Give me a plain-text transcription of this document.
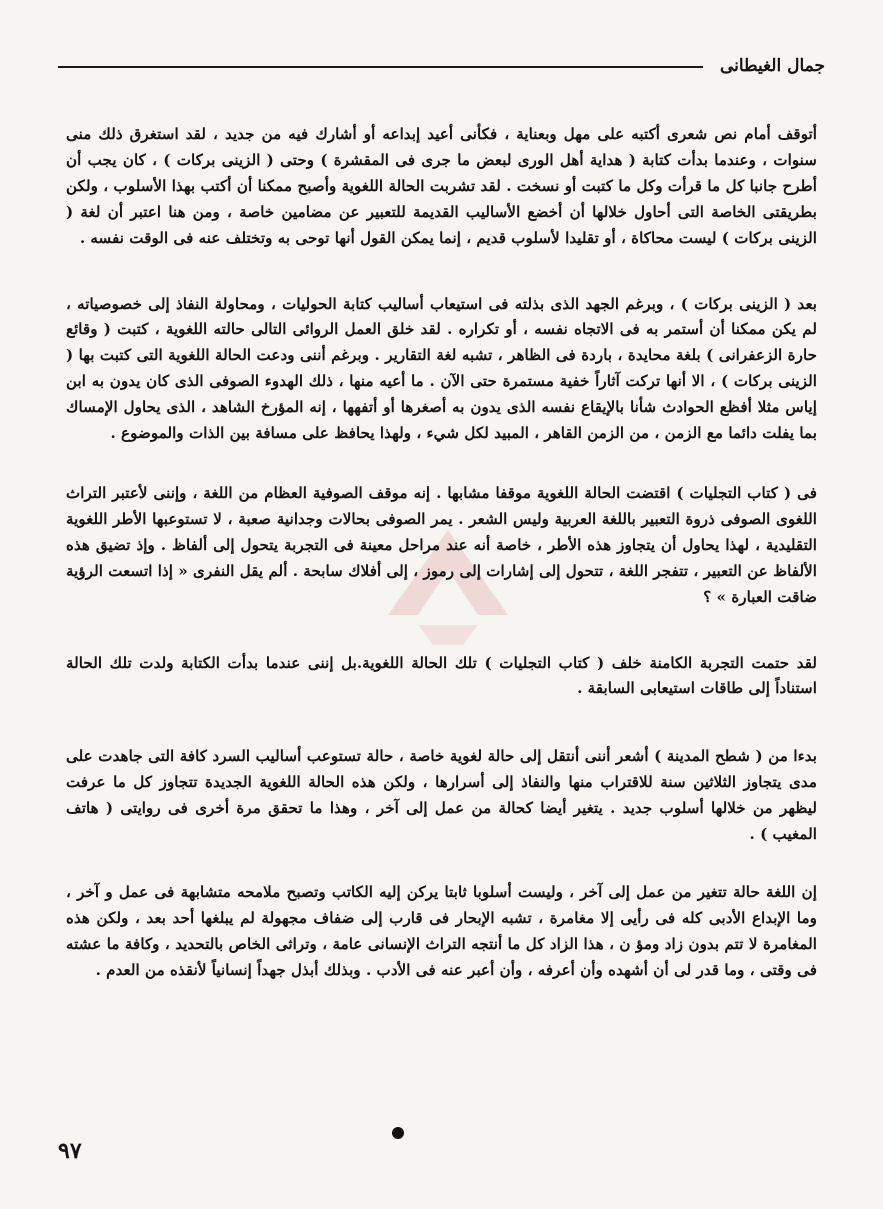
جمال الغيطانى

أتوقف أمام نص شعرى أكتبه على مهل وبعناية ، فكأنى أعيد إبداعه أو أشارك فيه من جديد ، لقد استغرق ذلك منى سنوات ، وعندما بدأت كتابة ( هداية أهل الورى لبعض ما جرى فى المقشرة ) وحتى ( الزينى بركات ) ، كان يجب أن أطرح جانبا كل ما قرأت وكل ما كتبت أو نسخت . لقد تشربت الحالة اللغوية وأصبح ممكنا أن أكتب بهذا الأسلوب ، ولكن بطريقتى الخاصة التى أحاول خلالها أن أخضع الأساليب القديمة للتعبير عن مضامين خاصة ، ومن هنا اعتبر أن لغة ( الزينى بركات ) ليست محاكاة ، أو تقليدا لأسلوب قديم ، إنما يمكن القول أنها توحى به وتختلف عنه فى الوقت نفسه .

بعد ( الزينى بركات ) ، وبرغم الجهد الذى بذلته فى استيعاب أساليب كتابة الحوليات ، ومحاولة النفاذ إلى خصوصياته ، لم يكن ممكنا أن أستمر به فى الاتجاه نفسه ، أو تكراره . لقد خلق العمل الروائى التالى حالته اللغوية ، كتبت ( وقائع حارة الزعفرانى ) بلغة محايدة ، باردة فى الظاهر ، تشبه لغة التقارير . وبرغم أننى ودعت الحالة اللغوية التى كتبت بها ( الزينى بركات ) ، الا أنها تركت آثاراً خفية مستمرة حتى الآن . ما أعيه منها ، ذلك الهدوء الصوفى الذى كان يدون به ابن إياس مثلا أفظع الحوادث شأنا بالإيقاع نفسه الذى يدون به أصغرها أو أتفهها ، إنه المؤرخ الشاهد ، الذى يحاول الإمساك بما يفلت دائما مع الزمن ، من الزمن القاهر ، المبيد لكل شيء ، ولهذا يحافظ على مسافة بين الذات والموضوع .

فى ( كتاب التجليات ) اقتضت الحالة اللغوية موقفا مشابها . إنه موقف الصوفية العظام من اللغة ، وإننى لأعتبر التراث اللغوى الصوفى ذروة التعبير باللغة العربية وليس الشعر . يمر الصوفى بحالات وجدانية صعبة ، لا تستوعبها الأطر اللغوية التقليدية ، لهذا يحاول أن يتجاوز هذه الأطر ، خاصة أنه عند مراحل معينة فى التجربة يتحول إلى ألفاظ . وإذ تضيق هذه الألفاظ عن التعبير ، تتفجر اللغة ، تتحول إلى إشارات إلى رموز ، إلى أفلاك سابحة . ألم يقل النفرى « إذا اتسعت الرؤية ضاقت العبارة » ؟

لقد حتمت التجربة الكامنة خلف ( كتاب التجليات ) تلك الحالة اللغوية.بل إننى عندما بدأت الكتابة ولدت تلك الحالة استناداً إلى طاقات استيعابى السابقة .

بدءا من ( شطح المدينة ) أشعر أننى أنتقل إلى حالة لغوية خاصة ، حالة تستوعب أساليب السرد كافة التى جاهدت على مدى يتجاوز الثلاثين سنة للاقتراب منها والنفاذ إلى أسرارها ، ولكن هذه الحالة اللغوية الجديدة تتجاوز كل ما عرفت ليظهر من خلالها أسلوب جديد . يتغير أيضا كحالة من عمل إلى آخر ، وهذا ما تحقق مرة أخرى فى روايتى ( هاتف المغيب ) .

إن اللغة حالة تتغير من عمل إلى آخر ، وليست أسلوبا ثابتا يركن إليه الكاتب وتصبح ملامحه متشابهة فى عمل و آخر ، وما الإبداع الأدبى كله فى رأيى إلا مغامرة ، تشبه الإبحار فى قارب إلى ضفاف مجهولة لم يبلغها أحد بعد ، ولكن هذه المغامرة لا تتم بدون زاد ومؤ ن ، هذا الزاد كل ما أنتجه التراث الإنسانى عامة ، وتراثى الخاص بالتحديد ، وكافة ما عشته فى وقتى ، وما قدر لى أن أشهده وأن أعرفه ، وأن أعبر عنه فى الأدب . وبذلك أبذل جهداً إنسانياً لأنقذه من العدم .

٩٧
